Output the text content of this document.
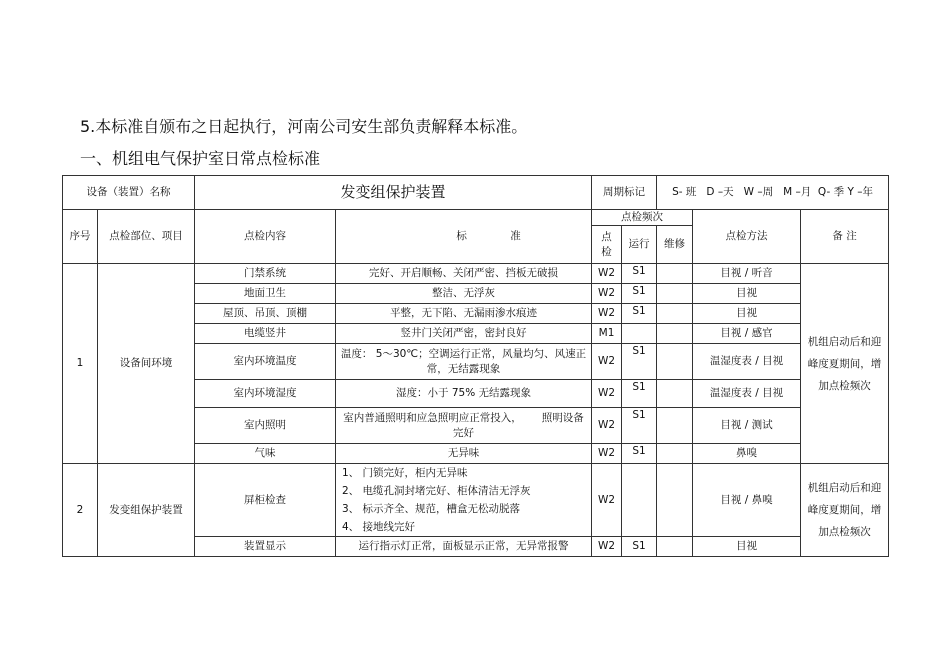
5.本标准自颁布之日起执行，河南公司安生部负责解释本标准。
一、机组电气保护室日常点检标准
设备（装置）名称		发变组保护装置		周期标记		S- 班   D –天   W –周   M –月  Q- 季 Y –年		
序号	点检部位、项目	点检内容	标 准	点检频次			点检方法	备 注
				点 检	运行	维修		
1	设备间环境	门禁系统	完好、开启顺畅、关闭严密、挡板无破损	W2	S1		目视 / 听音	机组启动后和迎峰度夏期间，增加点检频次
		地面卫生	整洁、无浮灰	W2	S1		目视	
		屋顶、吊顶、顶棚	平整，无下陷、无漏雨渗水痕迹	W2	S1		目视	
		电缆竖井	竖井门关闭严密，密封良好	M1			目视 / 感官	
		室内环境温度	温度： 5～30℃；空调运行正常，风量均匀、风速正常，无结露现象	W2	S1		温湿度表 / 目视	
		室内环境湿度	湿度：小于 75% 无结露现象	W2	S1		温湿度表 / 目视	
		室内照明	室内普通照明和应急照明应正常投入，      照明设备完好	W2	S1		目视 / 测试	
		气味	无异味	W2	S1		鼻嗅	
2	发变组保护装置	屏柜检查	1、 门锁完好，柜内无异味
2、 电缆孔洞封堵完好、柜体清洁无浮灰
3、 标示齐全、规范，槽盒无松动脱落
4、 接地线完好	W2			目视 / 鼻嗅	机组启动后和迎峰度夏期间，增加点检频次
		装置显示	运行指示灯正常，面板显示正常，无异常报警	W2	S1		目视	
